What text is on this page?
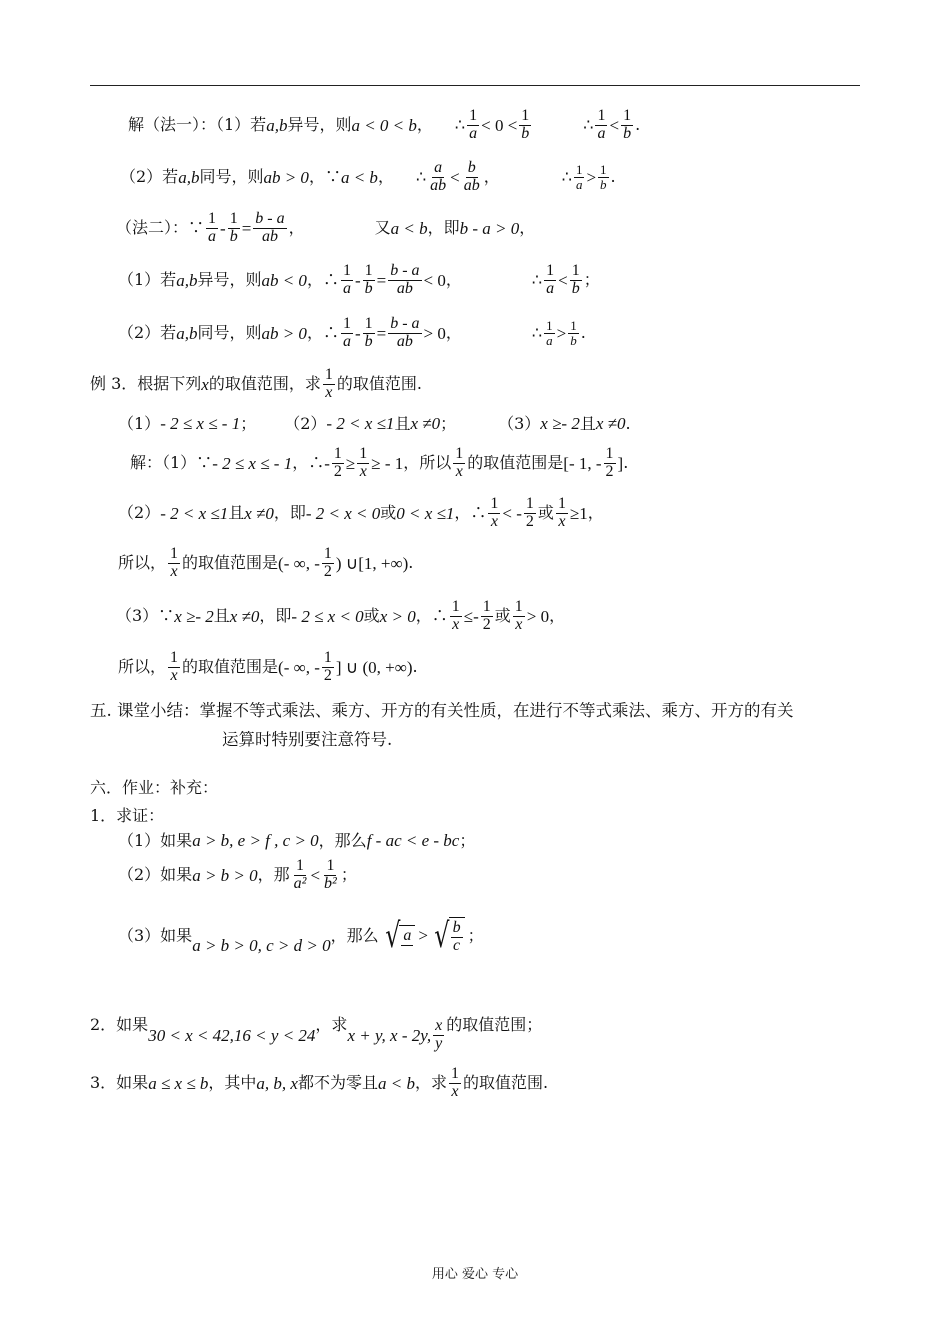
解（法一）：（1）若 a,b 异号，则 a < 0 < b ， ∴ 1
a < 0 <
1
b	∴ 1
a <
1
b .
（2）若 a,b 同号，则 ab > 0 ，∵ a < b ， ∴ a
ab <
b
ab ，	∴ 1
a > 1
b .
（法二）：∵ 1
$a - \frac{1}{b} = \frac{b - a}{ab}$ ，	又 a < b ，即 b - a > 0 ，
（1）若 a,b 异号，则 ab < 0 ，∴ 1
$a - \frac{1}{b} = \frac{b - a}{ab} < 0$ ，	∴ 1
a <
1
b ；
（2）若 a,b 同号，则 ab > 0 ，∴ 1
$a - \frac{1}{b} = \frac{b - a}{ab} > 0$ ，	∴ 1
a > 1
b .
例 3．根据下列 x 的取值范围，求 1
x 的取值范围.
（1） - 2 ≤ x ≤ - 1 ； （2） - 2 < x ≤1 且 x ≠0 ；	（3） x ≥- 2 且 x ≠0 .
解：（1）∵ - 2 ≤ x ≤ - 1 ，∴ - $\frac{1}{2} \ge \frac{1}{x}$ ≥ - 1 ，所以 1
x 的取值范围是 [- 1, -
1
2 ] .
（2） - 2 < x ≤1 且 x ≠0 ，即 - 2 < x < 0 或 0 < x ≤1 ，∴ 1
x < -
1
2 或 $\frac{1}{x} \ge 1$ ，
所以， 1
x 的取值范围是 (- ∞, -
1
2 ) ∪[1, +∞) .
（3）∵ x ≥- 2 且 x ≠0 ，即 - 2 ≤ x < 0 或 x > 0 ，∴ $\frac{1}{x}$ ≤-
1
2 或 1
x > 0 ，
所以， 1
x 的取值范围是 (- ∞, -
1
2 ] ∪ (0, +∞) .
五. 课堂小结：掌握不等式乘法、乘方、开方的有关性质，在进行不等式乘法、乘方、开方的有关
运算时特别要注意符号.
六．作业：补充：
1．求证：
（1）如果 a > b, e > f , c > 0 ，那么 f - ac < e - bc ；
（2）如果 a > b > 0 ，那 1
a² <
1
b² ；
（3）如果
a > b > 0, c > d > 0
，那么 √ a > √ $\frac{b}{c}$ ；
2．如果
30 < x < 42,16 < y < 24
，求
x + y, x - 2y,
x
y
的取值范围；
3．如果 a ≤ x ≤ b ，其中 a, b, x 都不为零且 a < b ，求 1
x 的取值范围.
用心 爱心 专心
